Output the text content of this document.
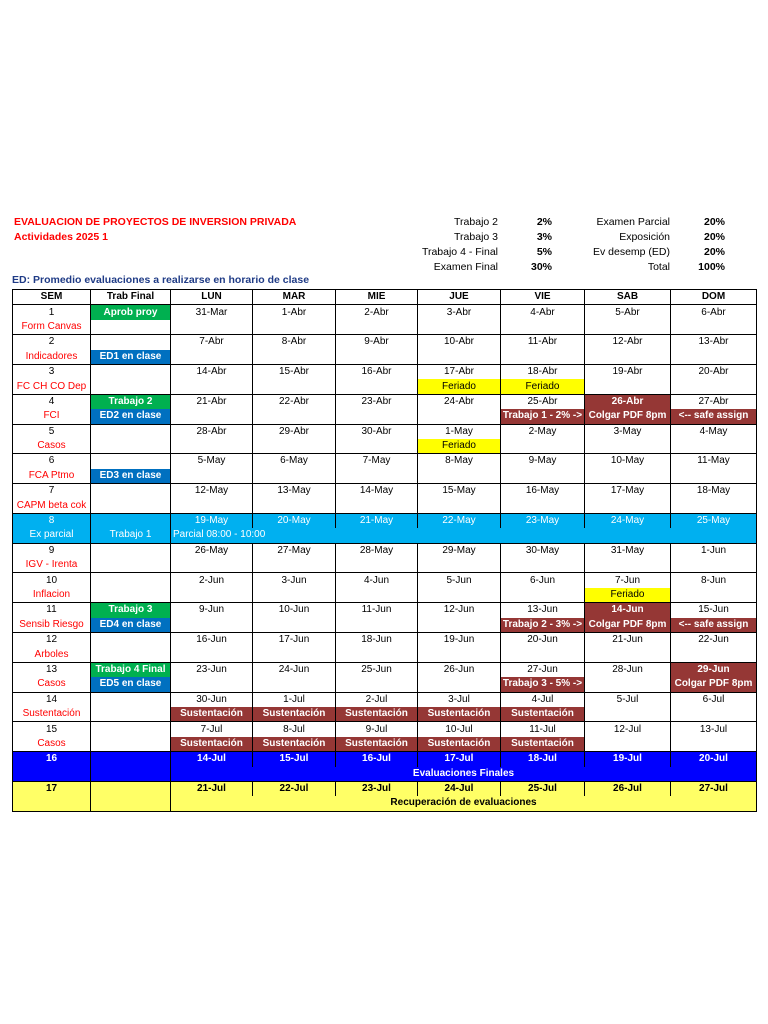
EVALUACION DE PROYECTOS DE INVERSION PRIVADA
Actividades 2025 1
Trabajo 2	2%	Examen Parcial	20%
Trabajo 3	3%	Exposición	20%
Trabajo 4 - Final	5%	Ev desemp (ED)	20%
Examen Final	30%	Total	100%
ED: Promedio evaluaciones a realizarse en horario de clase
SEM	Trab Final	LUN	MAR	MIE	JUE	VIE	SAB	DOM
1	Aprob proy	31-Mar	1-Abr	2-Abr	3-Abr	4-Abr	5-Abr	6-Abr
Form Canvas								
2		7-Abr	8-Abr	9-Abr	10-Abr	11-Abr	12-Abr	13-Abr
Indicadores	ED1 en clase							
3		14-Abr	15-Abr	16-Abr	17-Abr	18-Abr	19-Abr	20-Abr
FC CH CO Dep					Feriado	Feriado		
4	Trabajo 2	21-Abr	22-Abr	23-Abr	24-Abr	25-Abr	26-Abr	27-Abr
FCI	ED2 en clase					Trabajo 1 - 2% ->	Colgar PDF 8pm	<-- safe assign
5		28-Abr	29-Abr	30-Abr	1-May	2-May	3-May	4-May
Casos					Feriado			
6		5-May	6-May	7-May	8-May	9-May	10-May	11-May
FCA Ptmo	ED3 en clase							
7		12-May	13-May	14-May	15-May	16-May	17-May	18-May
CAPM beta cok								
8		19-May	20-May	21-May	22-May	23-May	24-May	25-May
Ex parcial	Trabajo 1	Parcial 08:00 - 10:00						
9		26-May	27-May	28-May	29-May	30-May	31-May	1-Jun
IGV - Irenta								
10		2-Jun	3-Jun	4-Jun	5-Jun	6-Jun	7-Jun	8-Jun
Inflacion							Feriado	
11	Trabajo 3	9-Jun	10-Jun	11-Jun	12-Jun	13-Jun	14-Jun	15-Jun
Sensib Riesgo	ED4 en clase					Trabajo 2 - 3% ->	Colgar PDF 8pm	<-- safe assign
12		16-Jun	17-Jun	18-Jun	19-Jun	20-Jun	21-Jun	22-Jun
Arboles								
13	Trabajo 4 Final	23-Jun	24-Jun	25-Jun	26-Jun	27-Jun	28-Jun	29-Jun
Casos	ED5 en clase					Trabajo 3 - 5% ->		Colgar PDF 8pm
14		30-Jun	1-Jul	2-Jul	3-Jul	4-Jul	5-Jul	6-Jul
Sustentación		Sustentación	Sustentación	Sustentación	Sustentación	Sustentación		
15		7-Jul	8-Jul	9-Jul	10-Jul	11-Jul	12-Jul	13-Jul
Casos		Sustentación	Sustentación	Sustentación	Sustentación	Sustentación		
16		14-Jul	15-Jul	16-Jul	17-Jul	18-Jul	19-Jul	20-Jul
		Evaluaciones Finales						
17		21-Jul	22-Jul	23-Jul	24-Jul	25-Jul	26-Jul	27-Jul
		Recuperación de evaluaciones						
